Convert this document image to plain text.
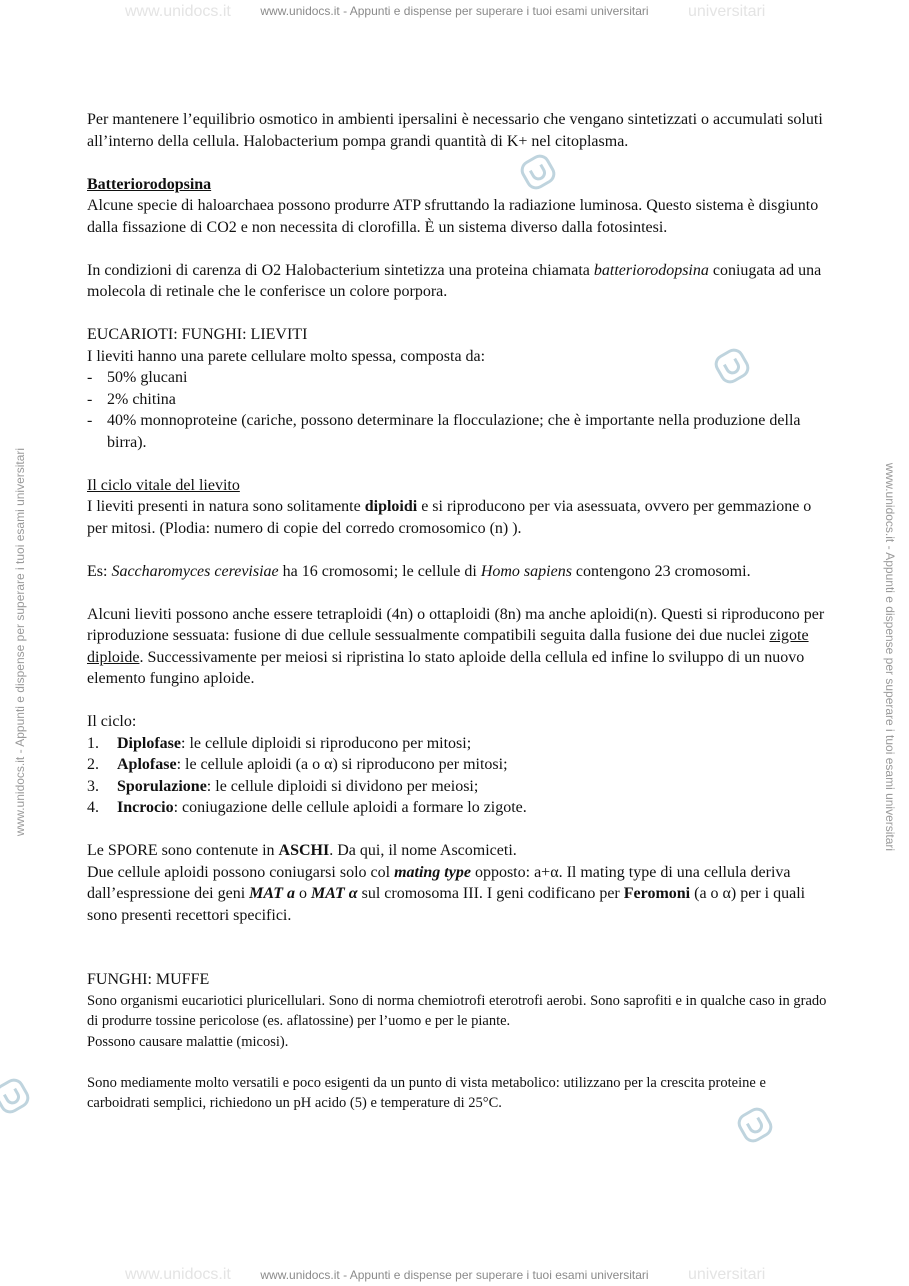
www.unidocs.it - Appunti e dispense per superare i tuoi esami universitari
www.unidocs.it	universitari
www.unidocs.it - Appunti e dispense per superare i tuoi esami universitari	www.unidocs.it - Appunti e dispense per superare i tuoi esami universitari
www.unidocs.it - Appunti e dispense per superare i tuoi esami universitari
www.unidocs.it	universitari

Per mantenere l’equilibrio osmotico in ambienti ipersalini è necessario che vengano sintetizzati o accumulati soluti all’interno della cellula. Halobacterium pompa grandi quantità di K+ nel citoplasma.

Batteriorodopsina

Alcune specie di haloarchaea possono produrre ATP sfruttando la radiazione luminosa. Questo sistema è disgiunto dalla fissazione di CO2 e non necessita di clorofilla. È un sistema diverso dalla fotosintesi.

In condizioni di carenza di O2 Halobacterium sintetizza una proteina chiamata batteriorodopsina coniugata ad una molecola di retinale che le conferisce un colore porpora.

EUCARIOTI: FUNGHI: LIEVITI

I lieviti hanno una parete cellulare molto spessa, composta da:

- 50% glucani
- 2% chitina
- 40% monnoproteine (cariche, possono determinare la flocculazione; che è importante nella produzione della birra).

Il ciclo vitale del lievito

I lieviti presenti in natura sono solitamente diploidi e si riproducono per via asessuata, ovvero per gemmazione o per mitosi. (Plodia: numero di copie del corredo cromosomico (n) ).

Es: Saccharomyces cerevisiae ha 16 cromosomi; le cellule di Homo sapiens contengono 23 cromosomi.

Alcuni lieviti possono anche essere tetraploidi (4n) o ottaploidi (8n) ma anche aploidi(n). Questi si riproducono per riproduzione sessuata: fusione di due cellule sessualmente compatibili seguita dalla fusione dei due nuclei zigote diploide. Successivamente per meiosi si ripristina lo stato aploide della cellula ed infine lo sviluppo di un nuovo elemento fungino aploide.

Il ciclo:

1. Diplofase: le cellule diploidi si riproducono per mitosi;
2. Aplofase: le cellule aploidi (a o α) si riproducono per mitosi;
3. Sporulazione: le cellule diploidi si dividono per meiosi;
4. Incrocio: coniugazione delle cellule aploidi a formare lo zigote.

Le SPORE sono contenute in ASCHI. Da qui, il nome Ascomiceti.

Due cellule aploidi possono coniugarsi solo col mating type opposto: a+α. Il mating type di una cellula deriva dall’espressione dei geni MAT a o MAT α sul cromosoma III. I geni codificano per Feromoni (a o α) per i quali sono presenti recettori specifici.

FUNGHI: MUFFE

Sono organismi eucariotici pluricellulari. Sono di norma chemiotrofi eterotrofi aerobi. Sono saprofiti e in qualche caso in grado di produrre tossine pericolose (es. aflatossine) per l’uomo e per le piante.

Possono causare malattie (micosi).

Sono mediamente molto versatili e poco esigenti da un punto di vista metabolico: utilizzano per la crescita proteine e carboidrati semplici, richiedono un pH acido (5) e temperature di 25°C.
